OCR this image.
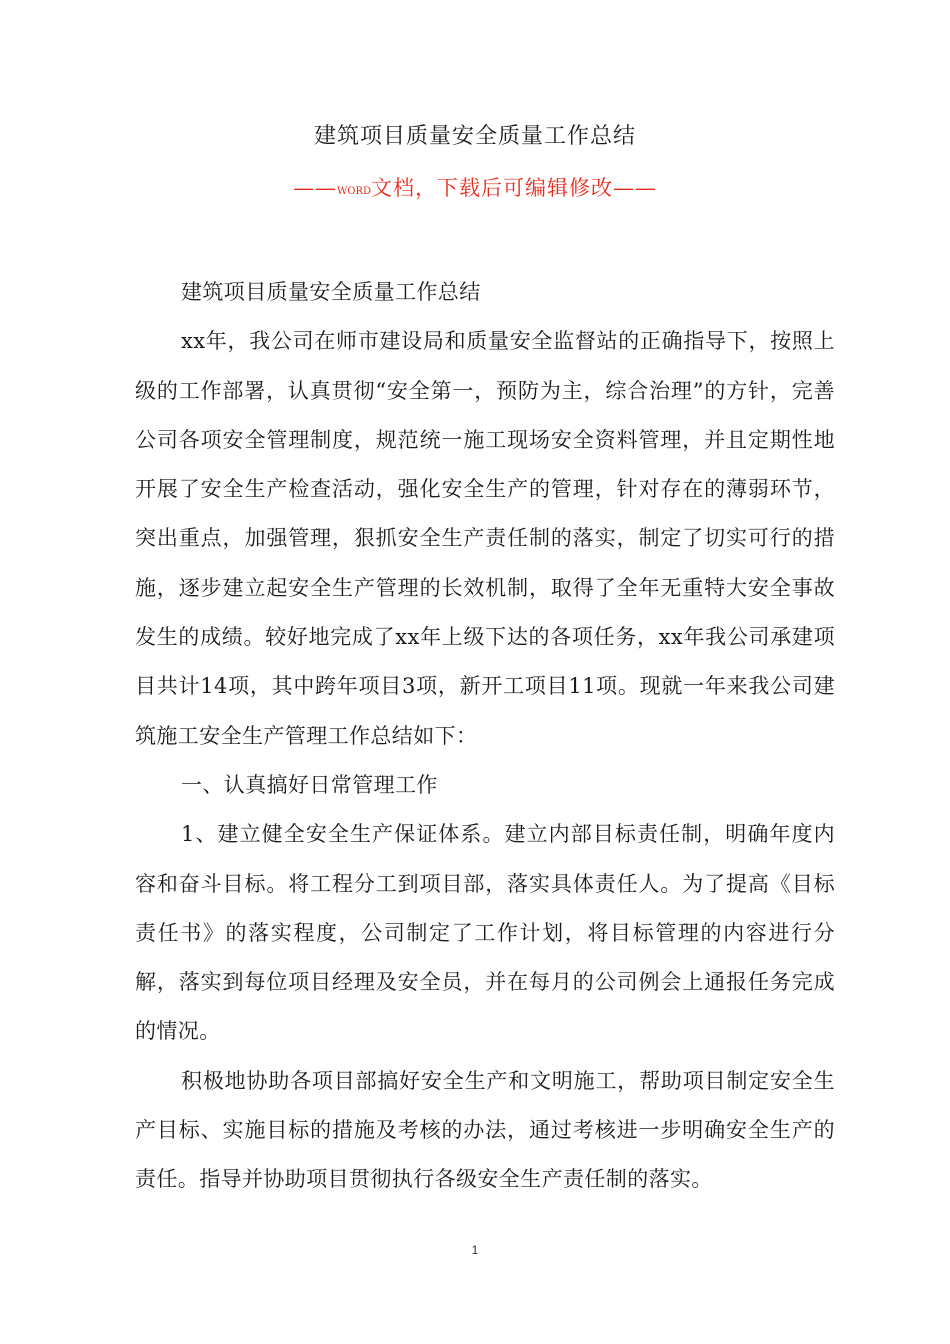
建筑项目质量安全质量工作总结
——WORD文档，下载后可编辑修改——

建筑项目质量安全质量工作总结

xx年，我公司在师市建设局和质量安全监督站的正确指导下，按照上级的工作部署，认真贯彻“安全第一，预防为主，综合治理”的方针，完善公司各项安全管理制度，规范统一施工现场安全资料管理，并且定期性地开展了安全生产检查活动，强化安全生产的管理，针对存在的薄弱环节，突出重点，加强管理，狠抓安全生产责任制的落实，制定了切实可行的措施，逐步建立起安全生产管理的长效机制，取得了全年无重特大安全事故发生的成绩。较好地完成了xx年上级下达的各项任务，xx年我公司承建项目共计14项，其中跨年项目3项，新开工项目11项。现就一年来我公司建筑施工安全生产管理工作总结如下：

一、认真搞好日常管理工作

1、建立健全安全生产保证体系。建立内部目标责任制，明确年度内容和奋斗目标。将工程分工到项目部，落实具体责任人。为了提高《目标责任书》的落实程度，公司制定了工作计划，将目标管理的内容进行分解，落实到每位项目经理及安全员，并在每月的公司例会上通报任务完成的情况。

积极地协助各项目部搞好安全生产和文明施工，帮助项目制定安全生产目标、实施目标的措施及考核的办法，通过考核进一步明确安全生产的责任。指导并协助项目贯彻执行各级安全生产责任制的落实。

1
